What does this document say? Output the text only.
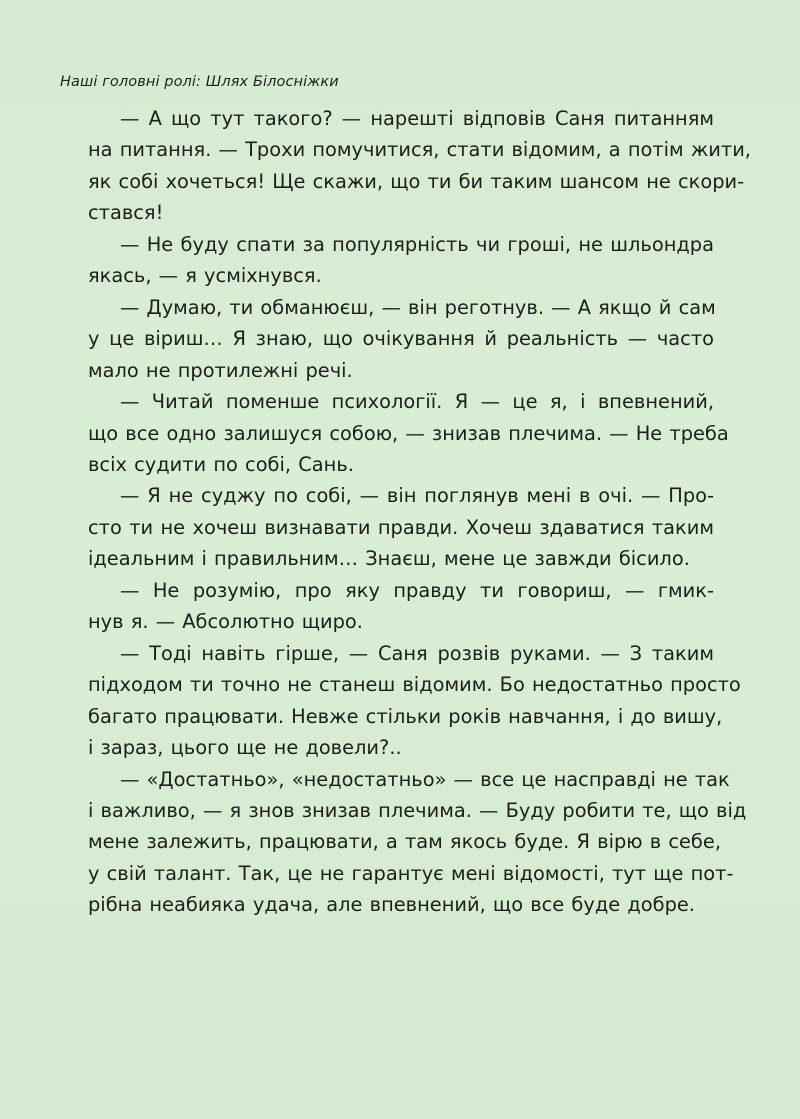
Наші головні ролі: Шлях Білосніжки
— А що тут такого? — нарешті відповів Саня питанням
на питання. — Трохи помучитися, стати відомим, а потім жити,
як собі хочеться! Ще скажи, що ти би таким шансом не скори-
стався!
— Не буду спати за популярність чи гроші, не шльондра
якась, — я усміхнувся.
— Думаю, ти обманюєш, — він реготнув. — А якщо й сам
у це віриш… Я знаю, що очікування й реальність — часто
мало не протилежні речі.
— Читай поменше психології. Я — це я, і впевнений,
що все одно залишуся собою, — знизав плечима. — Не треба
всіх судити по собі, Сань.
— Я не суджу по собі, — він поглянув мені в очі. — Про-
сто ти не хочеш визнавати правди. Хочеш здаватися таким
ідеальним і правильним… Знаєш, мене це завжди бісило.
— Не розумію, про яку правду ти говориш, — гмик-
нув я. — Абсолютно щиро.
— Тоді навіть гірше, — Саня розвів руками. — З таким
підходом ти точно не станеш відомим. Бо недостатньо просто
багато працювати. Невже стільки років навчання, і до вишу,
і зараз, цього ще не довели?..
— «Достатньо», «недостатньо» — все це насправді не так
і важливо, — я знов знизав плечима. — Буду робити те, що від
мене залежить, працювати, а там якось буде. Я вірю в себе,
у свій талант. Так, це не гарантує мені відомості, тут ще пот-
рібна неабияка удача, але впевнений, що все буде добре.
